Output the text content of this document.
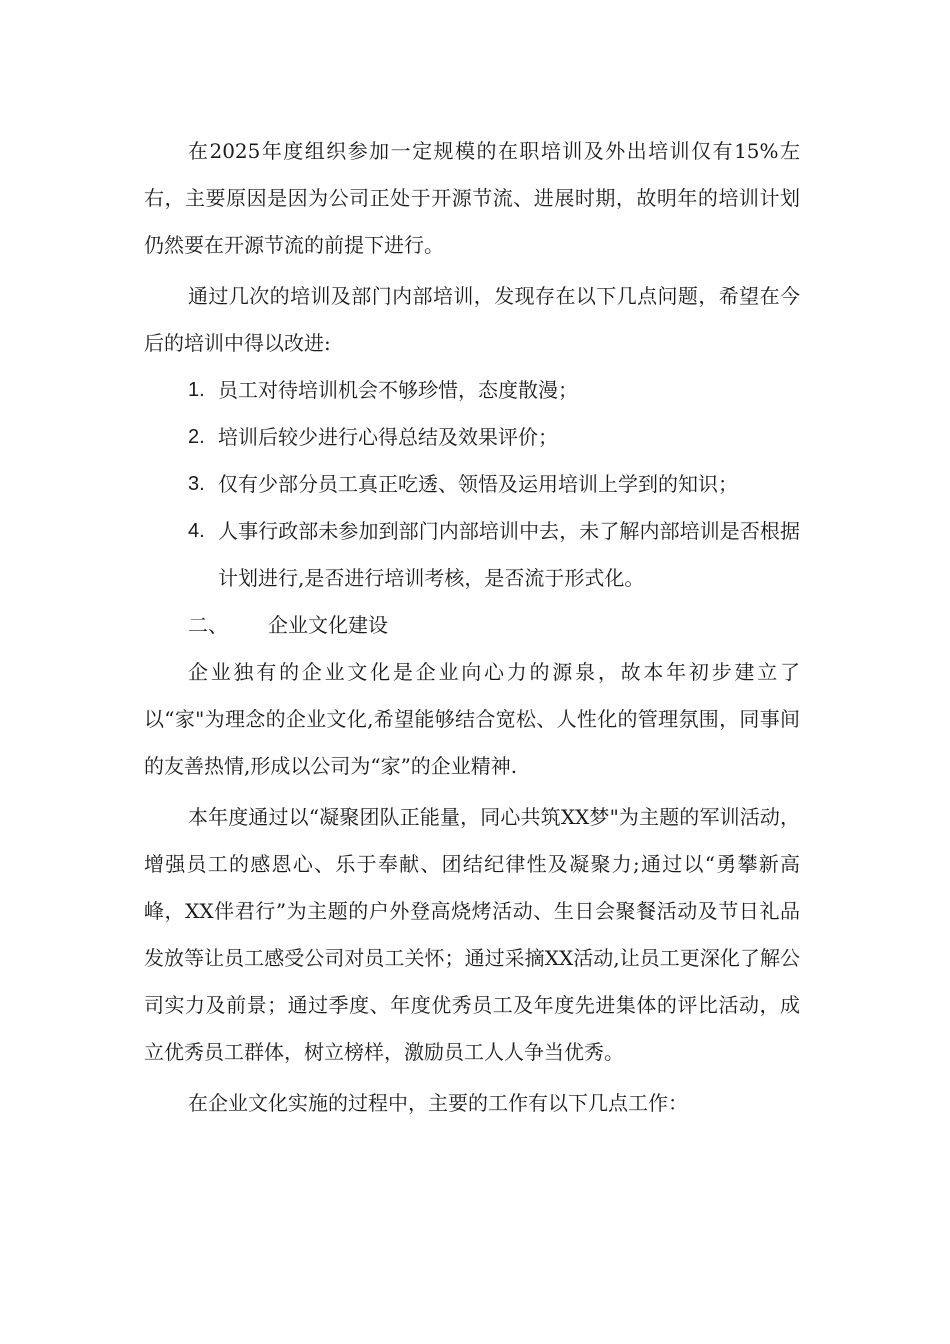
在2025年度组织参加一定规模的在职培训及外出培训仅有15%左右，主要原因是因为公司正处于开源节流、进展时期，故明年的培训计划仍然要在开源节流的前提下进行。

通过几次的培训及部门内部培训，发现存在以下几点问题，希望在今后的培训中得以改进:

1. 员工对待培训机会不够珍惜，态度散漫；
2. 培训后较少进行心得总结及效果评价；
3. 仅有少部分员工真正吃透、领悟及运用培训上学到的知识；
4. 人事行政部未参加到部门内部培训中去，未了解内部培训是否根据计划进行,是否进行培训考核，是否流于形式化。
二、 企业文化建设

企业独有的企业文化是企业向心力的源泉，故本年初步建立了以“家"为理念的企业文化,希望能够结合宽松、人性化的管理氛围，同事间的友善热情,形成以公司为“家”的企业精神.

本年度通过以“凝聚团队正能量，同心共筑XX梦"为主题的军训活动，增强员工的感恩心、乐于奉献、团结纪律性及凝聚力;通过以“勇攀新高峰，XX伴君行”为主题的户外登高烧烤活动、生日会聚餐活动及节日礼品发放等让员工感受公司对员工关怀；通过采摘XX活动,让员工更深化了解公司实力及前景；通过季度、年度优秀员工及年度先进集体的评比活动，成立优秀员工群体，树立榜样，激励员工人人争当优秀。

在企业文化实施的过程中，主要的工作有以下几点工作：
